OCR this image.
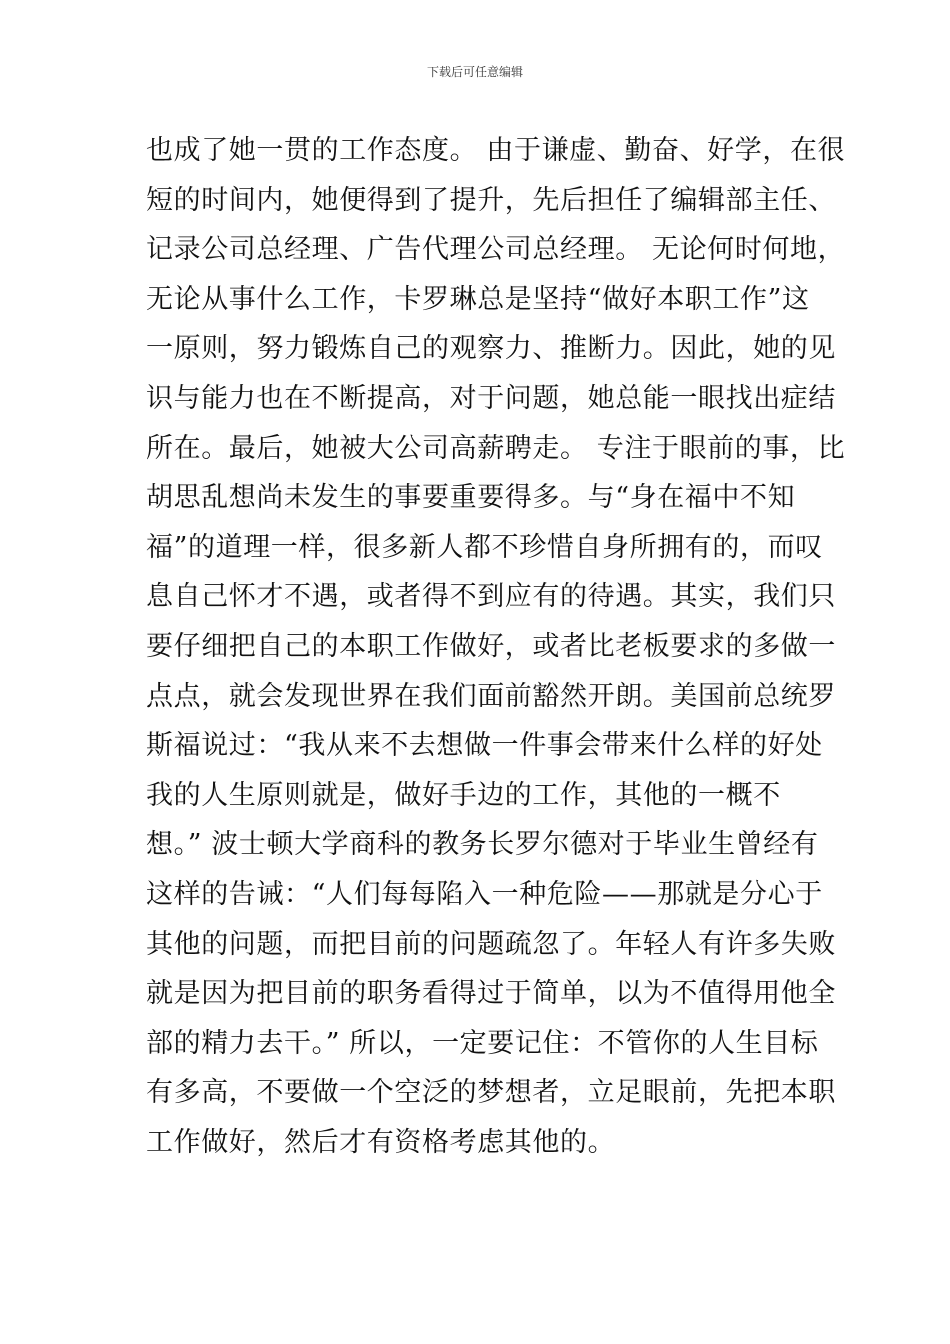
下载后可任意编辑
也成了她一贯的工作态度。 由于谦虚、勤奋、好学，在很
短的时间内，她便得到了提升，先后担任了编辑部主任、
记录公司总经理、广告代理公司总经理。 无论何时何地，
无论从事什么工作，卡罗琳总是坚持“做好本职工作”这
一原则，努力锻炼自己的观察力、推断力。因此，她的见
识与能力也在不断提高，对于问题，她总能一眼找出症结
所在。最后，她被大公司高薪聘走。 专注于眼前的事，比
胡思乱想尚未发生的事要重要得多。与“身在福中不知
福”的道理一样，很多新人都不珍惜自身所拥有的，而叹
息自己怀才不遇，或者得不到应有的待遇。其实，我们只
要仔细把自己的本职工作做好，或者比老板要求的多做一
点点，就会发现世界在我们面前豁然开朗。美国前总统罗
斯福说过：“我从来不去想做一件事会带来什么样的好处
我的人生原则就是，做好手边的工作，其他的一概不
想。” 波士顿大学商科的教务长罗尔德对于毕业生曾经有
这样的告诫：“人们每每陷入一种危险——那就是分心于
其他的问题，而把目前的问题疏忽了。年轻人有许多失败
就是因为把目前的职务看得过于简单，以为不值得用他全
部的精力去干。” 所以，一定要记住：不管你的人生目标
有多高，不要做一个空泛的梦想者，立足眼前，先把本职
工作做好，然后才有资格考虑其他的。
